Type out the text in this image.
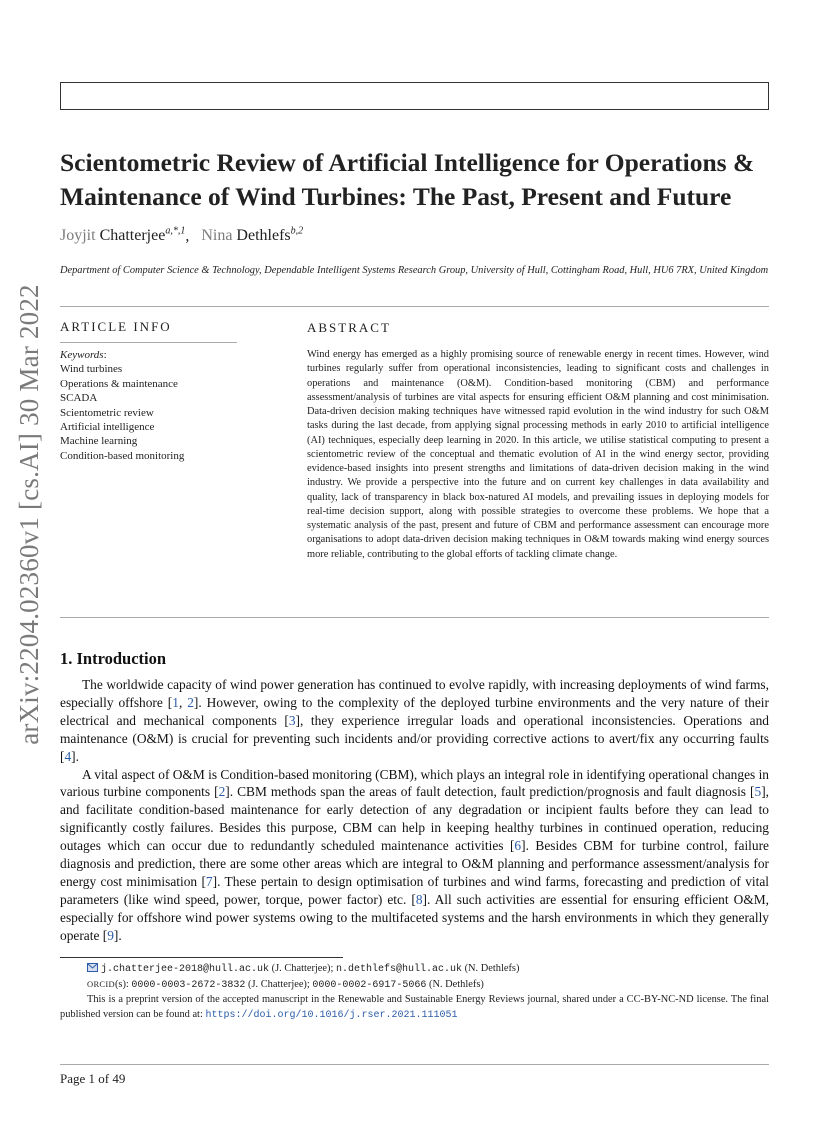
arXiv:2204.02360v1 [cs.AI] 30 Mar 2022
Scientometric Review of Artificial Intelligence for Operations & Maintenance of Wind Turbines: The Past, Present and Future
Joyjit Chatterjee$^{a,*,1}$,   Nina Dethlefs$^{b,2}$
Department of Computer Science & Technology, Dependable Intelligent Systems Research Group, University of Hull, Cottingham Road, Hull, HU6 7RX, United Kingdom
ARTICLE INFO	ABSTRACT
Keywords:
Wind turbines
Operations & maintenance
SCADA
Scientometric review
Artificial intelligence
Machine learning
Condition-based monitoring
Wind energy has emerged as a highly promising source of renewable energy in recent times. However, wind turbines regularly suffer from operational inconsistencies, leading to significant costs and challenges in operations and maintenance (O&M). Condition-based monitoring (CBM) and performance assessment/analysis of turbines are vital aspects for ensuring efficient O&M planning and cost minimisation. Data-driven decision making techniques have witnessed rapid evolution in the wind industry for such O&M tasks during the last decade, from applying signal processing methods in early 2010 to artificial intelligence (AI) techniques, especially deep learning in 2020. In this article, we utilise statistical computing to present a scientometric review of the conceptual and thematic evolution of AI in the wind energy sector, providing evidence-based insights into present strengths and limitations of data-driven decision making in the wind industry. We provide a perspective into the future and on current key challenges in data availability and quality, lack of transparency in black box-natured AI models, and prevailing issues in deploying models for real-time decision support, along with possible strategies to overcome these problems. We hope that a systematic analysis of the past, present and future of CBM and performance assessment can encourage more organisations to adopt data-driven decision making techniques in O&M towards making wind energy sources more reliable, contributing to the global efforts of tackling climate change.
1. Introduction

The worldwide capacity of wind power generation has continued to evolve rapidly, with increasing deployments of wind farms, especially offshore [1, 2]. However, owing to the complexity of the deployed turbine environments and the very nature of their electrical and mechanical components [3], they experience irregular loads and operational inconsistencies. Operations and maintenance (O&M) is crucial for preventing such incidents and/or providing corrective actions to avert/fix any occurring faults [4].

A vital aspect of O&M is Condition-based monitoring (CBM), which plays an integral role in identifying operational changes in various turbine components [2]. CBM methods span the areas of fault detection, fault prediction/prognosis and fault diagnosis [5], and facilitate condition-based maintenance for early detection of any degradation or incipient faults before they can lead to significantly costly failures. Besides this purpose, CBM can help in keeping healthy turbines in continued operation, reducing outages which can occur due to redundantly scheduled maintenance activities [6]. Besides CBM for turbine control, failure diagnosis and prediction, there are some other areas which are integral to O&M planning and performance assessment/analysis for energy cost minimisation [7]. These pertain to design optimisation of turbines and wind farms, forecasting and prediction of vital parameters (like wind speed, power, torque, power factor) etc. [8]. All such activities are essential for ensuring efficient O&M, especially for offshore wind power systems owing to the multifaceted systems and the harsh environments in which they generally operate [9].

j.chatterjee-2018@hull.ac.uk (J. Chatterjee); n.dethlefs@hull.ac.uk (N. Dethlefs)
ORCID(s): 0000-0003-2672-3832 (J. Chatterjee); 0000-0002-6917-5066 (N. Dethlefs)
This is a preprint version of the accepted manuscript in the Renewable and Sustainable Energy Reviews journal, shared under a CC-BY-NC-ND license. The final published version can be found at: https://doi.org/10.1016/j.rser.2021.111051
Page 1 of 49
